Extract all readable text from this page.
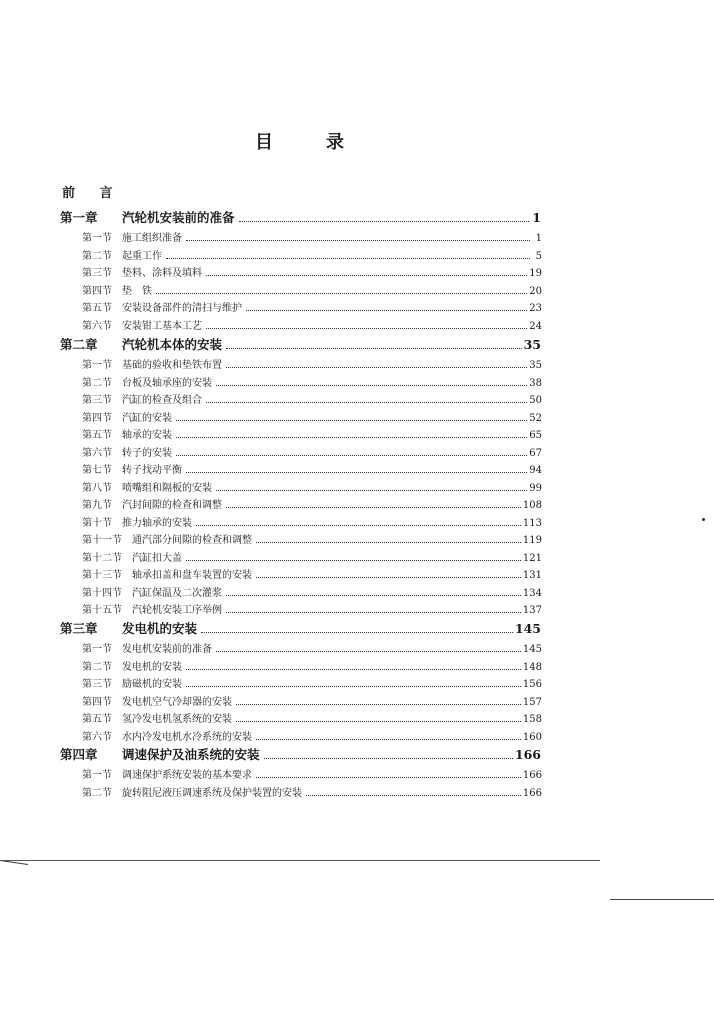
目	录
前 言
第一章	汽轮机安装前的准备	1
第一节	施工组织准备	1
第二节	起重工作	5
第三节	垫料、涂料及填料	19
第四节	垫　铁	20
第五节	安装设备部件的清扫与维护	23
第六节	安装钳工基本工艺	24
第二章	汽轮机本体的安装	35
第一节	基础的验收和垫铁布置	35
第二节	台板及轴承座的安装	38
第三节	汽缸的检查及组合	50
第四节	汽缸的安装	52
第五节	轴承的安装	65
第六节	转子的安装	67
第七节	转子找动平衡	94
第八节	喷嘴组和隔板的安装	99
第九节	汽封间隙的检查和调整	108
第十节	推力轴承的安装	113
第十一节	通汽部分间隙的检查和调整	119
第十二节	汽缸扣大盖	121
第十三节	轴承扣盖和盘车装置的安装	131
第十四节	汽缸保温及二次灌浆	134
第十五节	汽轮机安装工序举例	137
第三章	发电机的安装	145
第一节	发电机安装前的准备	145
第二节	发电机的安装	148
第三节	励磁机的安装	156
第四节	发电机空气冷却器的安装	157
第五节	氢冷发电机氢系统的安装	158
第六节	水内冷发电机水冷系统的安装	160
第四章	调速保护及油系统的安装	166
第一节	调速保护系统安装的基本要求	166
第二节	旋转阻尼液压调速系统及保护装置的安装	166
